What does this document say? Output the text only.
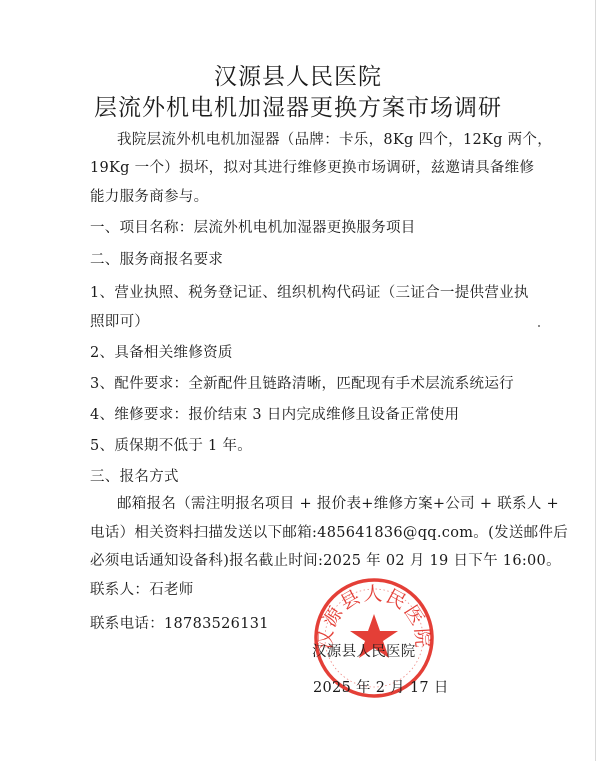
汉源县人民医院
层流外机电机加湿器更换方案市场调研
我院层流外机电机加湿器（品牌：卡乐，8Kg 四个，12Kg 两个，
19Kg 一个）损坏，拟对其进行维修更换市场调研，兹邀请具备维修
能力服务商参与。
一、项目名称：层流外机电机加湿器更换服务项目
二、服务商报名要求
1、营业执照、税务登记证、组织机构代码证（三证合一提供营业执
照即可）
2、具备相关维修资质
3、配件要求：全新配件且链路清晰，匹配现有手术层流系统运行
4、维修要求：报价结束 3 日内完成维修且设备正常使用
5、质保期不低于 1 年。
三、报名方式
邮箱报名（需注明报名项目 + 报价表+维修方案+公司 + 联系人 +
电话）相关资料扫描发送以下邮箱:485641836@qq.com。(发送邮件后
必须电话通知设备科)报名截止时间:2025 年 02 月 19 日下午 16:00。
联系人：石老师
联系电话：18783526131
汉源县人民医院
汉源县人民医院
2025 年 2 月 17 日
